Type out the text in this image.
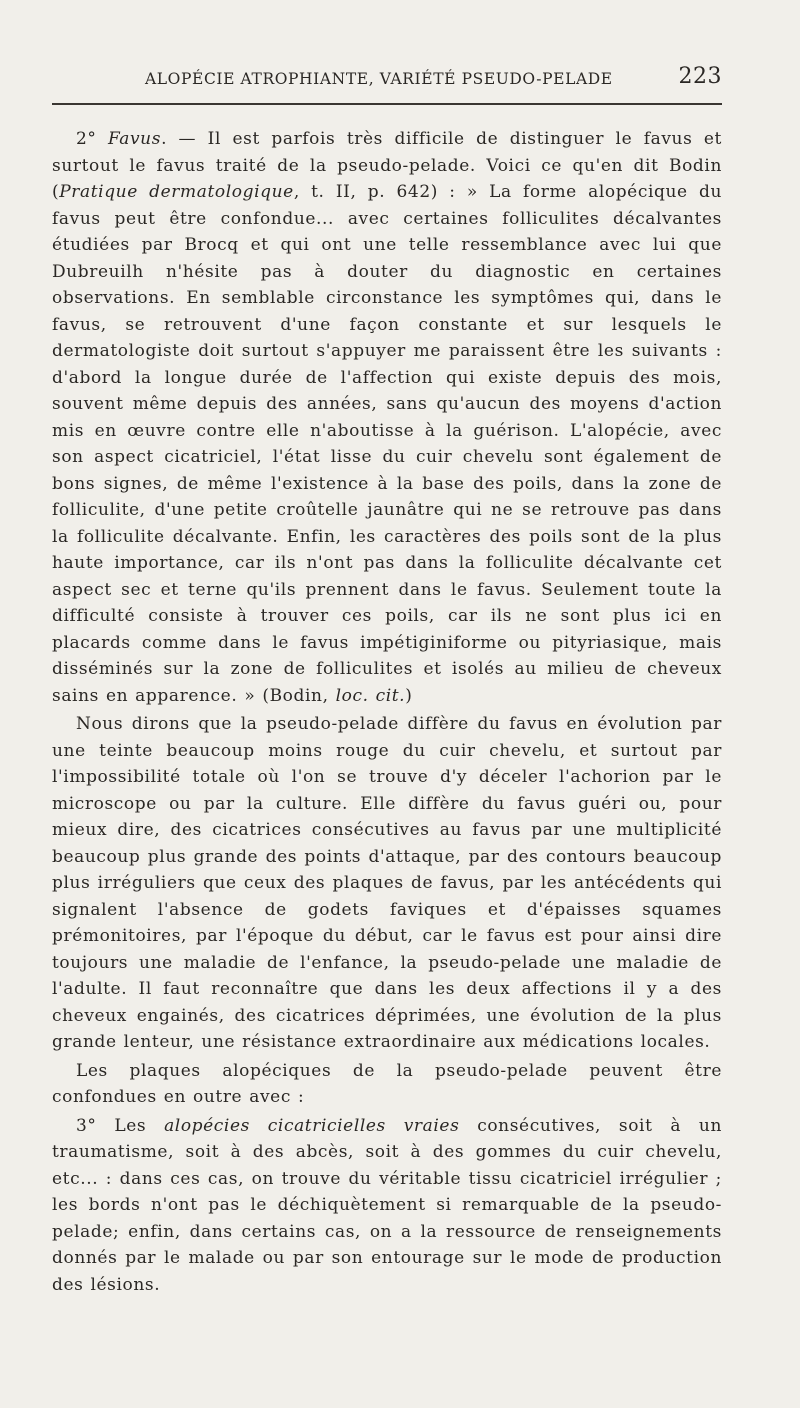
ALOPÉCIE ATROPHIANTE, VARIÉTÉ PSEUDO-PELADE	223

2° Favus. — Il est parfois très difficile de distinguer le favus et surtout le favus traité de la pseudo-pelade. Voici ce qu'en dit Bodin (Pratique dermatologique, t. II, p. 642) : » La forme alopécique du favus peut être confondue... avec certaines folliculites décalvantes étudiées par Brocq et qui ont une telle ressemblance avec lui que Dubreuilh n'hésite pas à douter du diagnostic en certaines observations. En semblable circonstance les symptômes qui, dans le favus, se retrouvent d'une façon constante et sur lesquels le dermatologiste doit surtout s'appuyer me paraissent être les suivants : d'abord la longue durée de l'affection qui existe depuis des mois, souvent même depuis des années, sans qu'aucun des moyens d'action mis en œuvre contre elle n'aboutisse à la guérison. L'alopécie, avec son aspect cicatriciel, l'état lisse du cuir chevelu sont également de bons signes, de même l'existence à la base des poils, dans la zone de folliculite, d'une petite croûtelle jaunâtre qui ne se retrouve pas dans la folliculite décalvante. Enfin, les caractères des poils sont de la plus haute importance, car ils n'ont pas dans la folliculite décalvante cet aspect sec et terne qu'ils prennent dans le favus. Seulement toute la difficulté consiste à trouver ces poils, car ils ne sont plus ici en placards comme dans le favus impétiginiforme ou pityriasique, mais disséminés sur la zone de folliculites et isolés au milieu de cheveux sains en apparence. » (Bodin, loc. cit.)

Nous dirons que la pseudo-pelade diffère du favus en évolution par une teinte beaucoup moins rouge du cuir chevelu, et surtout par l'impossibilité totale où l'on se trouve d'y déceler l'achorion par le microscope ou par la culture. Elle diffère du favus guéri ou, pour mieux dire, des cicatrices consécutives au favus par une multiplicité beaucoup plus grande des points d'attaque, par des contours beaucoup plus irréguliers que ceux des plaques de favus, par les antécédents qui signalent l'absence de godets faviques et d'épaisses squames prémonitoires, par l'époque du début, car le favus est pour ainsi dire toujours une maladie de l'enfance, la pseudo-pelade une maladie de l'adulte. Il faut reconnaître que dans les deux affections il y a des cheveux engainés, des cicatrices déprimées, une évolution de la plus grande lenteur, une résistance extraordinaire aux médications locales.

Les plaques alopéciques de la pseudo-pelade peuvent être confondues en outre avec :

3° Les alopécies cicatricielles vraies consécutives, soit à un traumatisme, soit à des abcès, soit à des gommes du cuir chevelu, etc... : dans ces cas, on trouve du véritable tissu cicatriciel irrégulier ; les bords n'ont pas le déchiquètement si remarquable de la pseudo-pelade; enfin, dans certains cas, on a la ressource de renseignements donnés par le malade ou par son entourage sur le mode de production des lésions.
